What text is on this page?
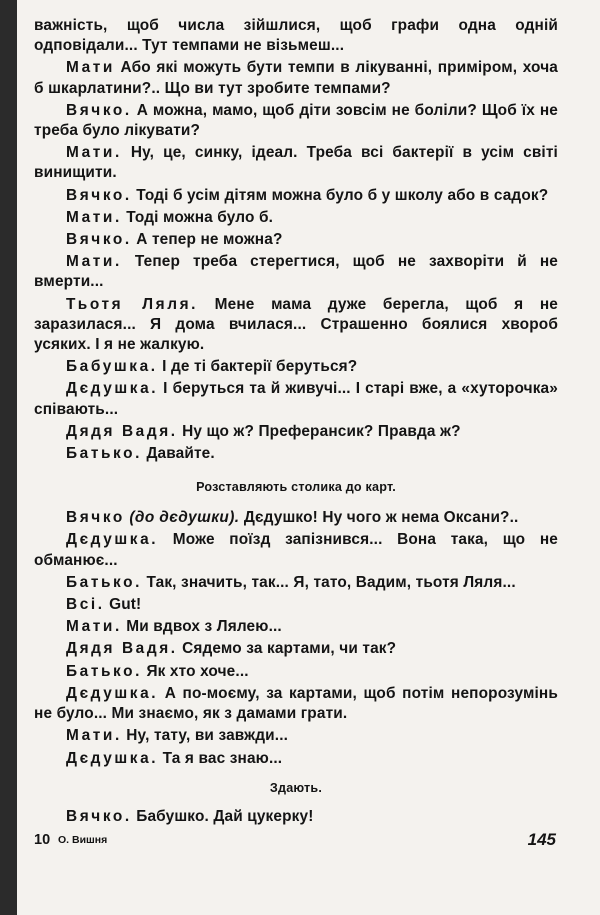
важність, щоб числа зійшлися, щоб графи одна одній одповідали... Тут темпами не візьмеш...

Мати Або які можуть бути темпи в лікуванні, приміром, хоча б шкарлатини?.. Що ви тут зробите темпами?

Вячко. А можна, мамо, щоб діти зовсім не боліли? Щоб їх не треба було лікувати?

Мати. Ну, це, синку, ідеал. Треба всі бактерії в усім світі винищити.

Вячко. Тоді б усім дітям можна було б у школу або в садок?

Мати. Тоді можна було б.

Вячко. А тепер не можна?

Мати. Тепер треба стерегтися, щоб не захворіти й не вмерти...

Тьотя Ляля. Мене мама дуже берегла, щоб я не заразилася... Я дома вчилася... Страшенно боялися хвороб усяких. І я не жалкую.

Бабушка. І де ті бактерії беруться?

Дєдушка. І беруться та й живучі... І старі вже, а «хуторочка» співають...

Дядя Вадя. Ну що ж? Преферансик? Правда ж?

Батько. Давайте.

Розставляють столика до карт.

Вячко (до дєдушки). Дєдушко! Ну чого ж нема Оксани?..

Дєдушка. Може поїзд запізнився... Вона така, що не обманює...

Батько. Так, значить, так... Я, тато, Вадим, тьотя Ляля...

Всі. Gut!

Мати. Ми вдвох з Лялею...

Дядя Вадя. Сядемо за картами, чи так?

Батько. Як хто хоче...

Дєдушка. А по-моєму, за картами, щоб потім непорозумінь не було... Ми знаємо, як з дамами грати.

Мати. Ну, тату, ви завжди...

Дєдушка. Та я вас знаю...

Здають.

Вячко. Бабушко. Дай цукерку!

10 О. Вишня	145
